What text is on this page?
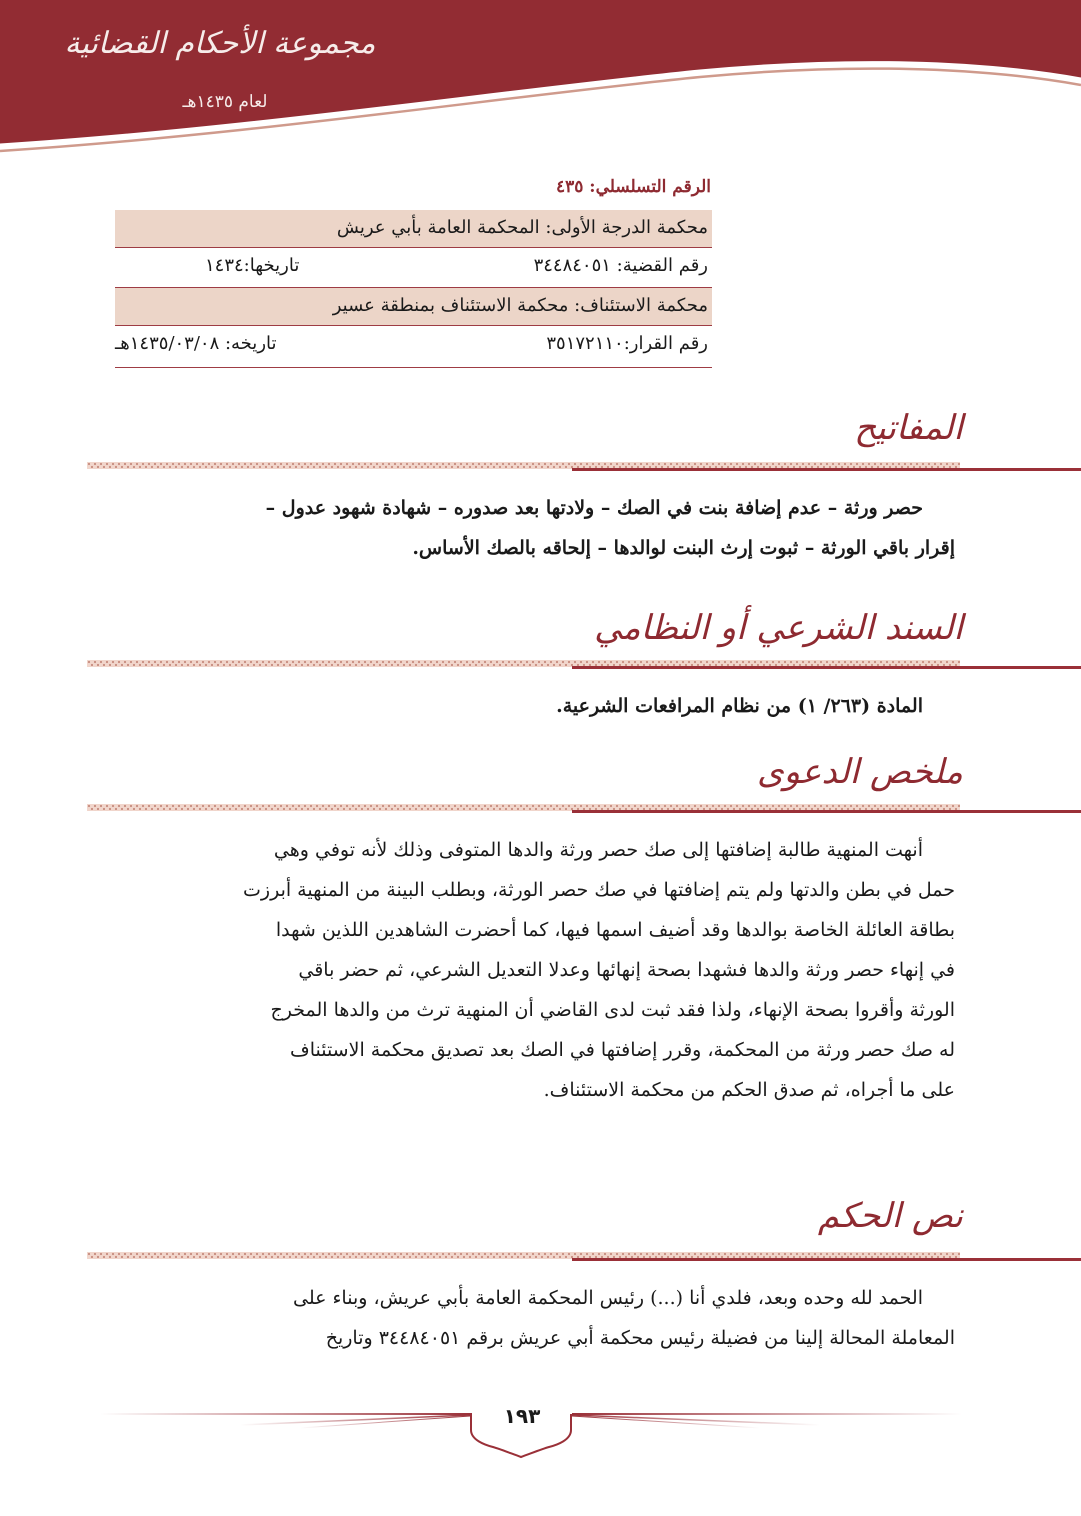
مجموعة الأحكام القضائية
لعام ١٤٣٥هـ
الرقم التسلسلي: ٤٣٥
محكمة الدرجة الأولى: المحكمة العامة بأبي عريش
رقم القضية: ٣٤٤٨٤٠٥١
تاريخها:١٤٣٤
محكمة الاستئناف: محكمة الاستئناف بمنطقة عسير
رقم القرار:٣٥١٧٢١١٠
تاريخه: ١٤٣٥/٠٣/٠٨هـ
المفاتيح
حصر ورثة – عدم إضافة بنت في الصك – ولادتها بعد صدوره – شهادة شهود عدول –
إقرار باقي الورثة – ثبوت إرث البنت لوالدها – إلحاقه بالصك الأساس.
السند الشرعي أو النظامي
المادة (٢٦٣/ ١) من نظام المرافعات الشرعية.
ملخص الدعوى
أنهت المنهية طالبة إضافتها إلى صك حصر ورثة والدها المتوفى وذلك لأنه توفي وهي
حمل في بطن والدتها ولم يتم إضافتها في صك حصر الورثة، وبطلب البينة من المنهية أبرزت
بطاقة العائلة الخاصة بوالدها وقد أضيف اسمها فيها، كما أحضرت الشاهدين اللذين شهدا
في إنهاء حصر ورثة والدها فشهدا بصحة إنهائها وعدلا التعديل الشرعي، ثم حضر باقي
الورثة وأقروا بصحة الإنهاء، ولذا فقد ثبت لدى القاضي أن المنهية ترث من والدها المخرج
له صك حصر ورثة من المحكمة، وقرر إضافتها في الصك بعد تصديق محكمة الاستئناف
على ما أجراه، ثم صدق الحكم من محكمة الاستئناف.
نص الحكم
الحمد لله وحده وبعد، فلدي أنا (...) رئيس المحكمة العامة بأبي عريش، وبناء على
المعاملة المحالة إلينا من فضيلة رئيس محكمة أبي عريش برقم ٣٤٤٨٤٠٥١ وتاريخ
١٩٣
